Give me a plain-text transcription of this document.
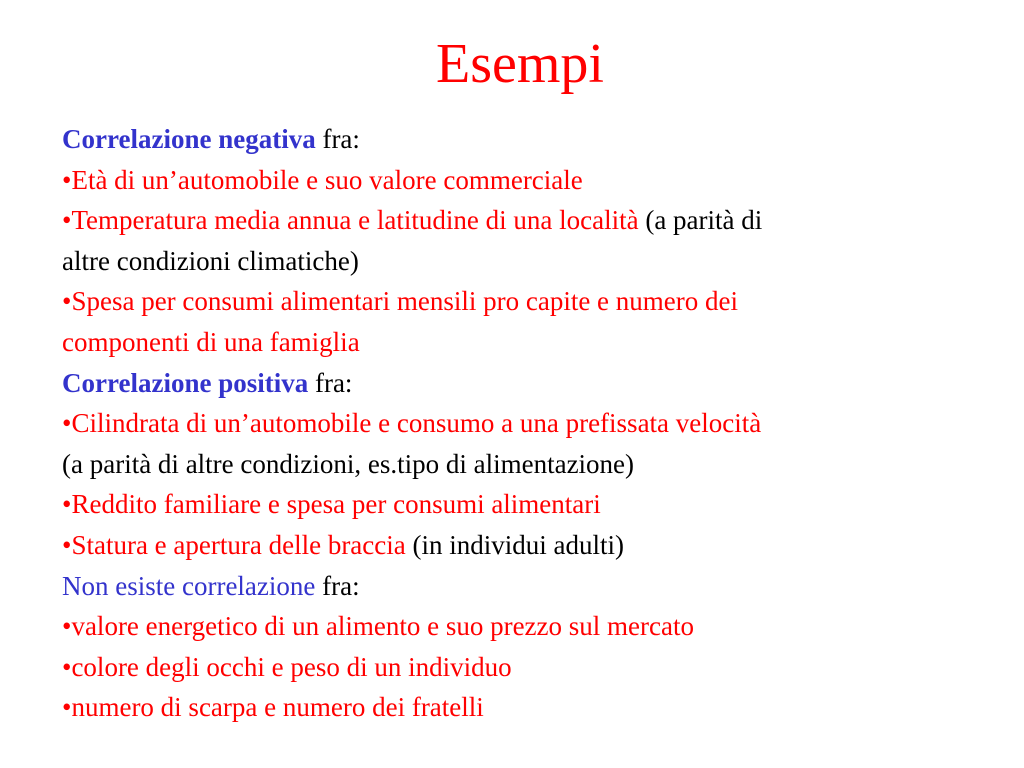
Esempi

Correlazione negativa fra:

•Età di un’automobile e suo valore commerciale

•Temperatura media annua e latitudine di una località (a parità di

altre condizioni climatiche)

•Spesa per consumi alimentari mensili pro capite e numero dei

componenti di una famiglia

Correlazione positiva fra:

•Cilindrata di un’automobile e consumo a una prefissata velocità

(a parità di altre condizioni, es.tipo di alimentazione)

•Reddito familiare e spesa per consumi alimentari

•Statura e apertura delle braccia (in individui adulti)

Non esiste correlazione fra:

•valore energetico di un alimento e suo prezzo sul mercato

•colore degli occhi e peso di un individuo

•numero di scarpa e numero dei fratelli
